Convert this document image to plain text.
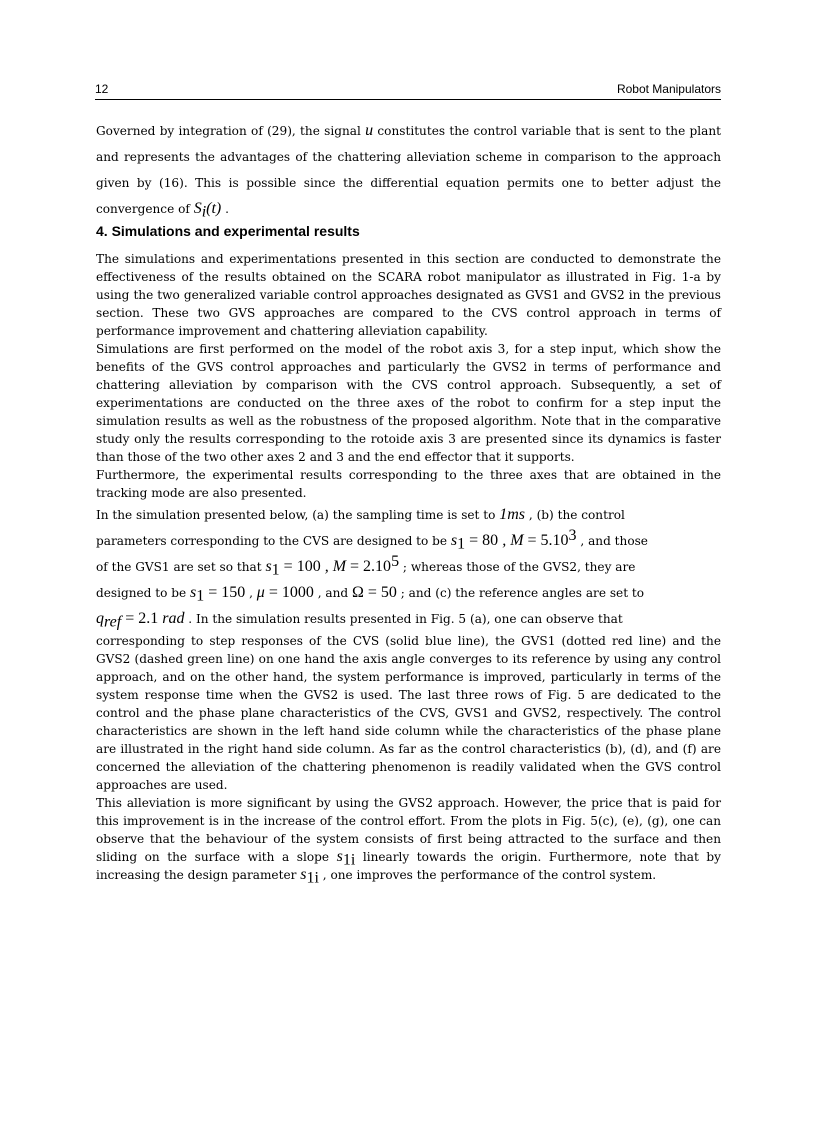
12	Robot Manipulators

Governed by integration of (29), the signal u constitutes the control variable that is sent to the plant and represents the advantages of the chattering alleviation scheme in comparison to the approach given by (16). This is possible since the differential equation permits one to better adjust the convergence of $S_i(t)$ .

4. Simulations and experimental results

The simulations and experimentations presented in this section are conducted to demonstrate the effectiveness of the results obtained on the SCARA robot manipulator as illustrated in Fig. 1-a by using the two generalized variable control approaches designated as GVS1 and GVS2 in the previous section. These two GVS approaches are compared to the CVS control approach in terms of performance improvement and chattering alleviation capability.

Simulations are first performed on the model of the robot axis 3, for a step input, which show the benefits of the GVS control approaches and particularly the GVS2 in terms of performance and chattering alleviation by comparison with the CVS control approach. Subsequently, a set of experimentations are conducted on the three axes of the robot to confirm for a step input the simulation results as well as the robustness of the proposed algorithm. Note that in the comparative study only the results corresponding to the rotoide axis 3 are presented since its dynamics is faster than those of the two other axes 2 and 3 and the end effector that it supports.

Furthermore, the experimental results corresponding to the three axes that are obtained in the tracking mode are also presented.

In the simulation presented below, (a) the sampling time is set to 1ms , (b) the control
parameters corresponding to the CVS are designed to be $s_1 = 80$ , $M = 5.10^3$ , and those
of the GVS1 are set so that $s_1 = 100$ , $M = 2.10^5$ ; whereas those of the GVS2, they are
designed to be $s_1 = 150$ , μ = 1000 , and Ω = 50 ; and (c) the reference angles are set to
$q_{ref} = 2.1$ rad . In the simulation results presented in Fig. 5 (a), one can observe that
corresponding to step responses of the CVS (solid blue line), the GVS1 (dotted red line) and the GVS2 (dashed green line) on one hand the axis angle converges to its reference by using any control approach, and on the other hand, the system performance is improved, particularly in terms of the system response time when the GVS2 is used. The last three rows of Fig. 5 are dedicated to the control and the phase plane characteristics of the CVS, GVS1 and GVS2, respectively. The control characteristics are shown in the left hand side column while the characteristics of the phase plane are illustrated in the right hand side column. As far as the control characteristics (b), (d), and (f) are concerned the alleviation of the chattering phenomenon is readily validated when the GVS control approaches are used.

This alleviation is more significant by using the GVS2 approach. However, the price that is paid for this improvement is in the increase of the control effort. From the plots in Fig. 5(c), (e), (g), one can observe that the behaviour of the system consists of first being attracted to the surface and then sliding on the surface with a slope $s_{1i}$ linearly towards the origin. Furthermore, note that by increasing the design parameter $s_{1i}$ , one improves the performance of the control system.
